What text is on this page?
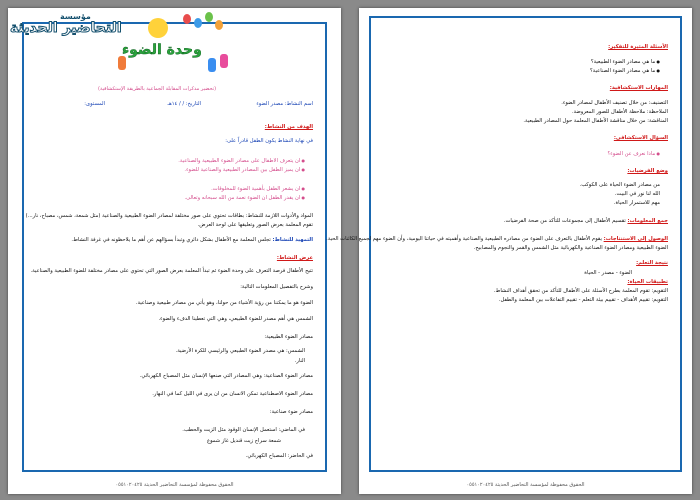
مؤسسة
التحاضير الحديثة
وحدة الضوء
(تحضير مذكرات المقابلة الجماعية بالطريقة الإستكشافية)
اسم النشاط: مصدر الضوء
التاريخ: / / ١٤هـ
المستوى:
الهدف من النشاط:
في نهاية النشاط يكون الطفل قادراً على:
● ان يتعرف الاطفال على مصادر الضوء الطبيعية والصناعية.
● ان يميز الطفل بين المصادر الطبيعية والصناعية للضوء.
● ان يشعر الطفل بأهمية الضوء للمخلوقات.
● ان يقدر الطفل ان الضوء نعمة من الله سبحانه وتعالى.
المواد والأدوات اللازمة للنشاط: بطاقات تحتوي على صور مختلفة لمصادر الضوء الطبيعية والصناعية (مثل شمعة، شمس، مصباح، نار...)
تقوم المعلمة بعرض الصور وتعليقها على لوحة العرض.
التمهيد للنشاط: تجلس المعلمة مع الأطفال بشكل دائري وتبدأ بسؤالهم عن أهم ما يلاحظونه في غرفة النشاط.
عرض النشاط:
تتيح الأطفال فرصة التعرف على وحدة الضوء ثم تبدأ المعلمة بعرض الصور التي تحتوي على مصادر مختلفة للضوء الطبيعية والصناعية.
وشرح بالتفصيل المعلومات التالية:
الضوء هو ما يمكننا من رؤية الأشياء من حولنا، وهو يأتي من مصادر طبيعية وصناعية.
الشمس هي أهم مصدر للضوء الطبيعي، وهي التي تعطينا الدفء والضوء.
مصادر الضوء الطبيعية:
الشمس: هي مصدر الضوء الطبيعي والرئيسي للكرة الأرضية.
النار.
مصادر الضوء الصناعية: وهي المصادر التي صنعها الإنسان مثل المصباح الكهربائي.
مصادر الضوء الاصطناعية تمكن الانسان من ان يرى في الليل كما في النهار.
مصادر ضوء صناعية:
في الماضي: استعمل الإنسان الوقود مثل الزيت والحطب.
شمعة سراج زيت قنديل غاز شموع
في الحاضر: المصباح الكهربائي.
الحقوق محفوظة لمؤسسة التحاضير الحديثة ٠٥٥١٠٢٠٤٢٥
الأسئلة المثيرة للتفكير:
● ما هي مصادر الضوء الطبيعية؟
● ما هي مصادر الضوء الصناعية؟
المهارات الاستكشافية:
التصنيف: من خلال تصنيف الأطفال لمصادر الضوء.
الملاحظة: ملاحظة الأطفال للصور المعروضة.
المناقشة: من خلال مناقشة الأطفال المعلمة حول المصادر الطبيعية.
السؤال الاستكشافي:
● ماذا نعرف عن الضوء؟
وضع الفرضيات:
من مصادر الضوء الحياة على الكوكب.
الله لنا نور في البيت.
مهم للاستمرار الحياة.
جمع المعلومات: تقسيم الأطفال إلى مجموعات للتأكد من صحة الفرضيات.
الوصول إلى الاستنتاجات: يقوم الأطفال بالتعرف على الضوء من مصادره الطبيعية والصناعية وأهميته في حياتنا اليومية، وأن الضوء مهم لجميع الكائنات الحية.
الضوء الطبيعية ومصادر الضوء الصناعية والكهربائية مثل الشمس والقمر والنجوم والمصابيح.
نتيجة التعلم:
الضوء - مصدر - الحياة
تطبيقات الحياة:
التقويم: تقوم المعلمة بطرح الأسئلة على الأطفال للتأكد من تحقق أهداف النشاط.
التقويم: تقييم الأهداف - تقييم بيئة التعلم - تقييم التفاعلات بين المعلمة والطفل.
الحقوق محفوظة لمؤسسة التحاضير الحديثة ٠٥٥١٠٢٠٤٢٥
